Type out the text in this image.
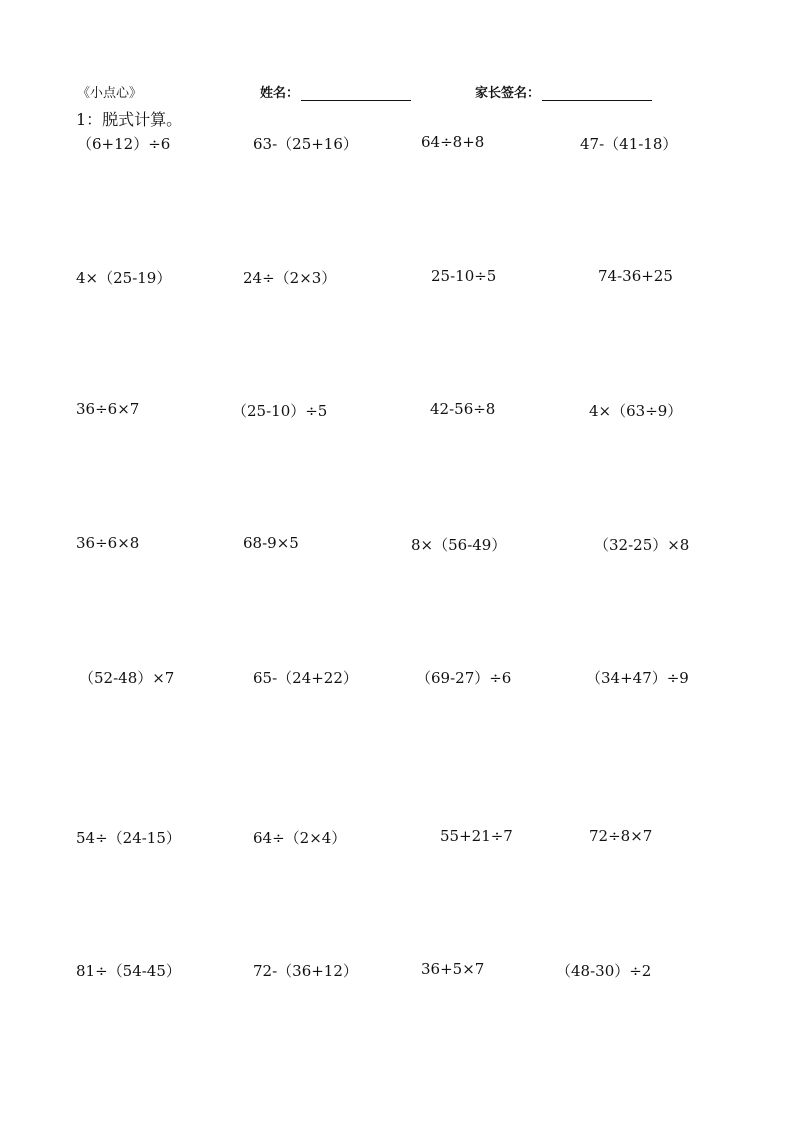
《小点心》	姓名：	家长签名：
1：脱式计算。
（6+12）÷6	63-（25+16）	64÷8+8	47-（41-18）
4×（25-19）	24÷（2×3）	25-10÷5	74-36+25
36÷6×7	（25-10）÷5	42-56÷8	4×（63÷9）
36÷6×8	68-9×5	8×（56-49）	（32-25）×8
（52-48）×7	65-（24+22）	（69-27）÷6	（34+47）÷9
54÷（24-15）	64÷（2×4）	55+21÷7	72÷8×7
81÷（54-45）	72-（36+12）	36+5×7	（48-30）÷2
